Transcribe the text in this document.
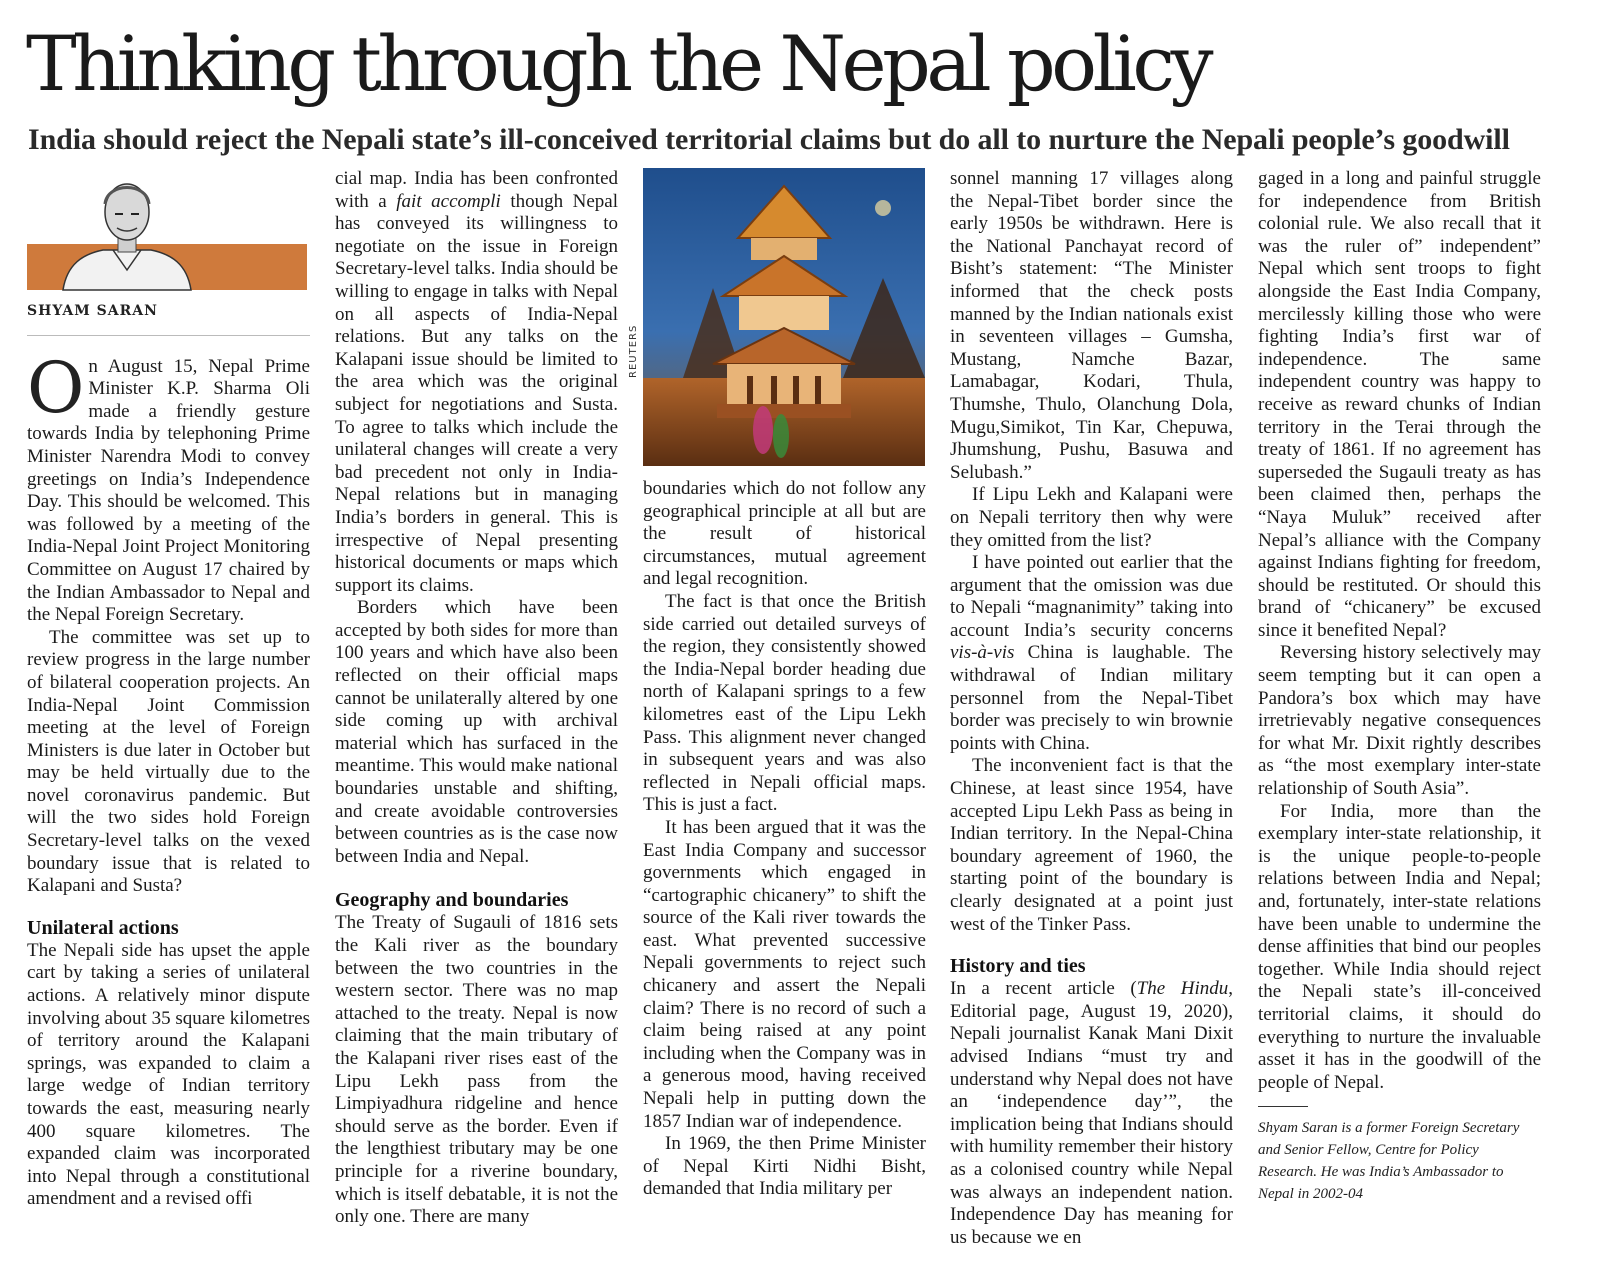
Thinking through the Nepal policy
India should reject the Nepali state’s ill-conceived territorial claims but do all to nurture the Nepali people’s goodwill
SHYAM SARAN

On August 15, Nepal Prime Minister K.P. Sharma Oli made a friendly gesture towards India by telephoning Prime Minister Narendra Modi to convey greetings on India’s Independence Day. This should be welcomed. This was followed by a meeting of the India-Nepal Joint Project Monitoring Committee on August 17 chaired by the Indian Ambassador to Nepal and the Nepal Foreign Secretary.

The committee was set up to review progress in the large number of bilateral cooperation projects. An India-Nepal Joint Commission meeting at the level of Foreign Ministers is due later in October but may be held virtually due to the novel coronavirus pandemic. But will the two sides hold Foreign Secretary-level talks on the vexed boundary issue that is related to Kalapani and Susta?

Unilateral actions

The Nepali side has upset the apple cart by taking a series of unilateral actions. A relatively minor dispute involving about 35 square kilometres of territory around the Kalapani springs, was expanded to claim a large wedge of Indian territory towards the east, measuring nearly 400 square kilometres. The expanded claim was incorporated into Nepal through a constitutional amendment and a revised offi

cial map. India has been confronted with a fait accompli though Nepal has conveyed its willingness to negotiate on the issue in Foreign Secretary-level talks. India should be willing to engage in talks with Nepal on all aspects of India-Nepal relations. But any talks on the Kalapani issue should be limited to the area which was the original subject for negotiations and Susta. To agree to talks which include the unilateral changes will create a very bad precedent not only in India-Nepal relations but in managing India’s borders in general. This is irrespective of Nepal presenting historical documents or maps which support its claims.

Borders which have been accepted by both sides for more than 100 years and which have also been reflected on their official maps cannot be unilaterally altered by one side coming up with archival material which has surfaced in the meantime. This would make national boundaries unstable and shifting, and create avoidable controversies between countries as is the case now between India and Nepal.

Geography and boundaries

The Treaty of Sugauli of 1816 sets the Kali river as the boundary between the two countries in the western sector. There was no map attached to the treaty. Nepal is now claiming that the main tributary of the Kalapani river rises east of the Lipu Lekh pass from the Limpiyadhura ridgeline and hence should serve as the border. Even if the lengthiest tributary may be one principle for a riverine boundary, which is itself debatable, it is not the only one. There are many

REUTERS

boundaries which do not follow any geographical principle at all but are the result of historical circumstances, mutual agreement and legal recognition.

The fact is that once the British side carried out detailed surveys of the region, they consistently showed the India-Nepal border heading due north of Kalapani springs to a few kilometres east of the Lipu Lekh Pass. This alignment never changed in subsequent years and was also reflected in Nepali official maps. This is just a fact.

It has been argued that it was the East India Company and successor governments which engaged in “cartographic chicanery” to shift the source of the Kali river towards the east. What prevented successive Nepali governments to reject such chicanery and assert the Nepali claim? There is no record of such a claim being raised at any point including when the Company was in a generous mood, having received Nepali help in putting down the 1857 Indian war of independence.

In 1969, the then Prime Minister of Nepal Kirti Nidhi Bisht, demanded that India military per

sonnel manning 17 villages along the Nepal-Tibet border since the early 1950s be withdrawn. Here is the National Panchayat record of Bisht’s statement: “The Minister informed that the check posts manned by the Indian nationals exist in seventeen villages – Gumsha, Mustang, Namche Bazar, Lamabagar, Kodari, Thula, Thumshe, Thulo, Olanchung Dola, Mugu,Simikot, Tin Kar, Chepuwa, Jhumshung, Pushu, Basuwa and Selubash.”

If Lipu Lekh and Kalapani were on Nepali territory then why were they omitted from the list?

I have pointed out earlier that the argument that the omission was due to Nepali “magnanimity” taking into account India’s security concerns vis-à-vis China is laughable. The withdrawal of Indian military personnel from the Nepal-Tibet border was precisely to win brownie points with China.

The inconvenient fact is that the Chinese, at least since 1954, have accepted Lipu Lekh Pass as being in Indian territory. In the Nepal-China boundary agreement of 1960, the starting point of the boundary is clearly designated at a point just west of the Tinker Pass.

History and ties

In a recent article (The Hindu, Editorial page, August 19, 2020), Nepali journalist Kanak Mani Dixit advised Indians “must try and understand why Nepal does not have an ‘independence day’”, the implication being that Indians should with humility remember their history as a colonised country while Nepal was always an independent nation. Independence Day has meaning for us because we en

gaged in a long and painful struggle for independence from British colonial rule. We also recall that it was the ruler of” independent” Nepal which sent troops to fight alongside the East India Company, mercilessly killing those who were fighting India’s first war of independence. The same independent country was happy to receive as reward chunks of Indian territory in the Terai through the treaty of 1861. If no agreement has superseded the Sugauli treaty as has been claimed then, perhaps the “Naya Muluk” received after Nepal’s alliance with the Company against Indians fighting for freedom, should be restituted. Or should this brand of “chicanery” be excused since it benefited Nepal?

Reversing history selectively may seem tempting but it can open a Pandora’s box which may have irretrievably negative consequences for what Mr. Dixit rightly describes as “the most exemplary inter-state relationship of South Asia”.

For India, more than the exemplary inter-state relationship, it is the unique people-to-people relations between India and Nepal; and, fortunately, inter-state relations have been unable to undermine the dense affinities that bind our peoples together. While India should reject the Nepali state’s ill-conceived territorial claims, it should do everything to nurture the invaluable asset it has in the goodwill of the people of Nepal.

Shyam Saran is a former Foreign Secretary and Senior Fellow, Centre for Policy Research. He was India’s Ambassador to Nepal in 2002-04
